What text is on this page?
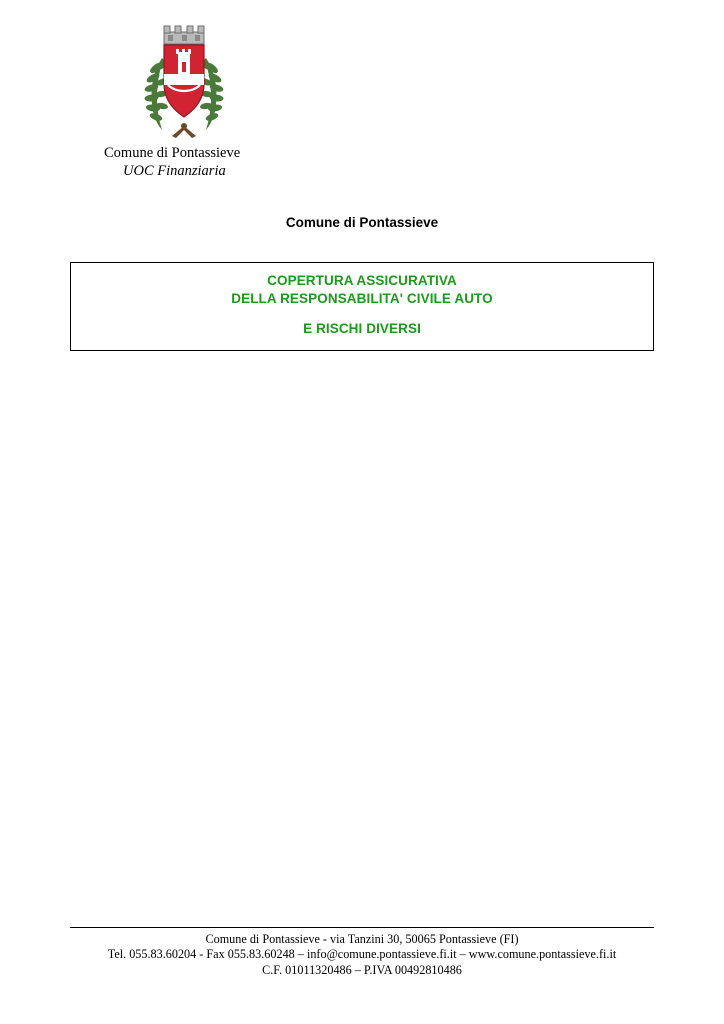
Comune di Pontassieve
UOC Finanziaria
Comune di Pontassieve
COPERTURA ASSICURATIVA
DELLA RESPONSABILITA' CIVILE AUTO
E RISCHI DIVERSI
Comune di Pontassieve - via Tanzini 30, 50065 Pontassieve (FI)
Tel. 055.83.60204 - Fax 055.83.60248 – info@comune.pontassieve.fi.it – www.comune.pontassieve.fi.it
C.F. 01011320486 – P.IVA 00492810486
